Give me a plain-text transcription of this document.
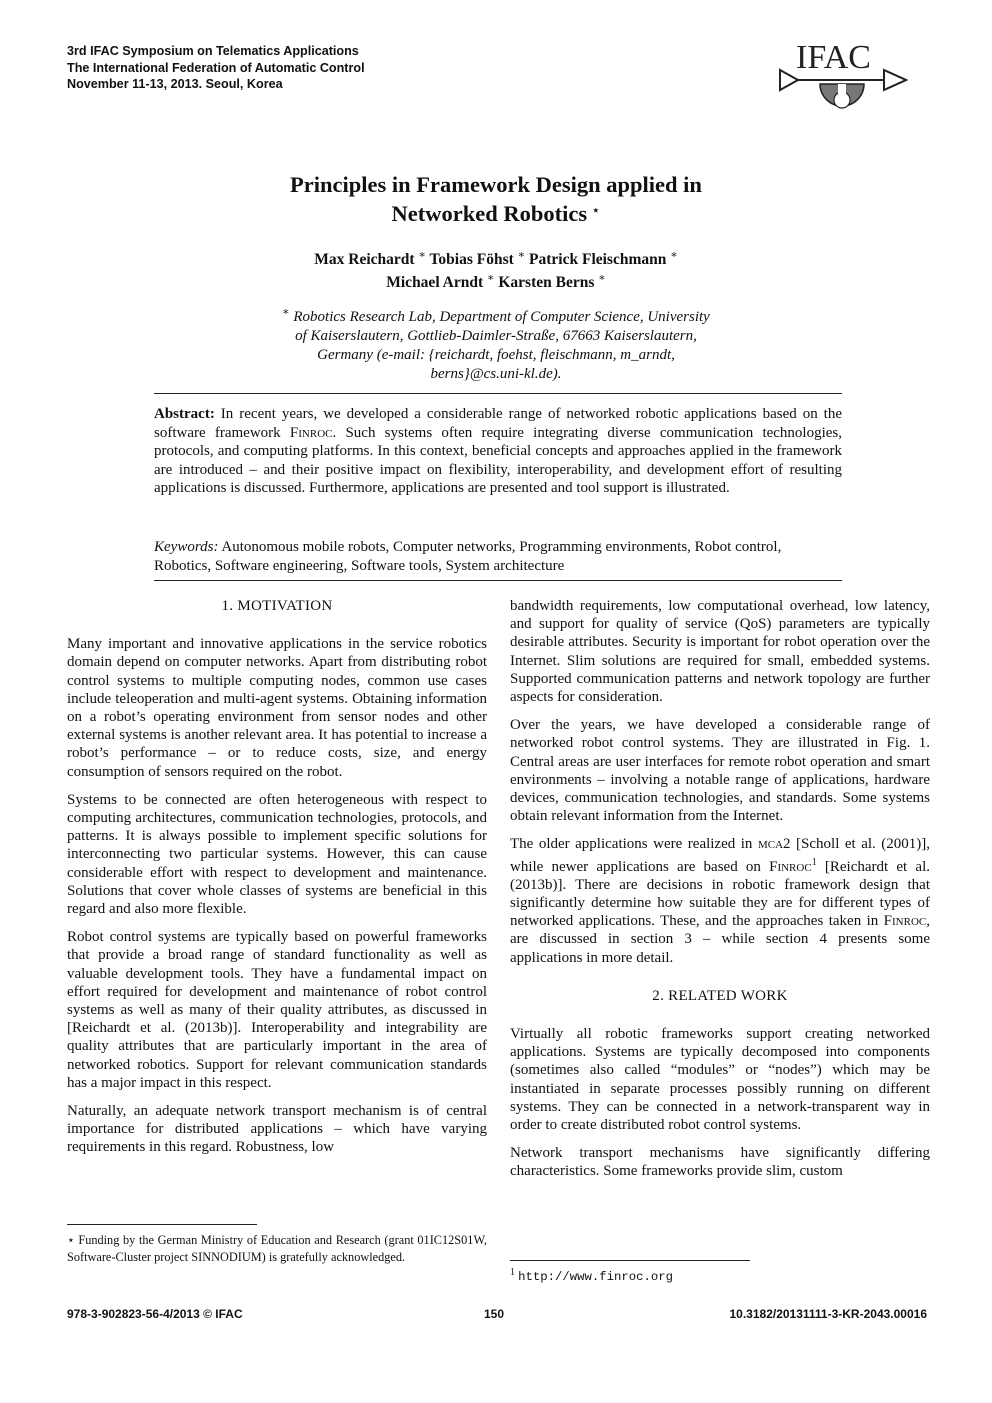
3rd IFAC Symposium on Telematics Applications
The International Federation of Automatic Control
November 11-13, 2013. Seoul, Korea
IFAC
Principles in Framework Design applied in
Networked Robotics ⋆
Max Reichardt ∗ Tobias Föhst ∗ Patrick Fleischmann ∗
Michael Arndt ∗ Karsten Berns ∗
∗ Robotics Research Lab, Department of Computer Science, University
of Kaiserslautern, Gottlieb-Daimler-Straße, 67663 Kaiserslautern,
Germany (e-mail: {reichardt, foehst, fleischmann, m_arndt,
berns}@cs.uni-kl.de).
Abstract: In recent years, we developed a considerable range of networked robotic applications based on the software framework Finroc. Such systems often require integrating diverse communication technologies, protocols, and computing platforms. In this context, beneficial concepts and approaches applied in the framework are introduced – and their positive impact on flexibility, interoperability, and development effort of resulting applications is discussed. Furthermore, applications are presented and tool support is illustrated.
Keywords: Autonomous mobile robots, Computer networks, Programming environments, Robot control, Robotics, Software engineering, Software tools, System architecture
1. MOTIVATION

Many important and innovative applications in the service robotics domain depend on computer networks. Apart from distributing robot control systems to multiple computing nodes, common use cases include teleoperation and multi-agent systems. Obtaining information on a robot’s operating environment from sensor nodes and other external systems is another relevant area. It has potential to increase a robot’s performance – or to reduce costs, size, and energy consumption of sensors required on the robot.

Systems to be connected are often heterogeneous with respect to computing architectures, communication technologies, protocols, and patterns. It is always possible to implement specific solutions for interconnecting two particular systems. However, this can cause considerable effort with respect to development and maintenance. Solutions that cover whole classes of systems are beneficial in this regard and also more flexible.

Robot control systems are typically based on powerful frameworks that provide a broad range of standard functionality as well as valuable development tools. They have a fundamental impact on effort required for development and maintenance of robot control systems as well as many of their quality attributes, as discussed in [Reichardt et al. (2013b)]. Interoperability and integrability are quality attributes that are particularly important in the area of networked robotics. Support for relevant communication standards has a major impact in this respect.

Naturally, an adequate network transport mechanism is of central importance for distributed applications – which have varying requirements in this regard. Robustness, low

⋆ Funding by the German Ministry of Education and Research (grant 01IC12S01W, Software-Cluster project SINNODIUM) is gratefully acknowledged.

bandwidth requirements, low computational overhead, low latency, and support for quality of service (QoS) parameters are typically desirable attributes. Security is important for robot operation over the Internet. Slim solutions are required for small, embedded systems. Supported communication patterns and network topology are further aspects for consideration.

Over the years, we have developed a considerable range of networked robot control systems. They are illustrated in Fig. 1. Central areas are user interfaces for remote robot operation and smart environments – involving a notable range of applications, hardware devices, communication technologies, and standards. Some systems obtain relevant information from the Internet.

The older applications were realized in mca2 [Scholl et al. (2001)], while newer applications are based on Finroc$^1$ [Reichardt et al. (2013b)]. There are decisions in robotic framework design that significantly determine how suitable they are for different types of networked applications. These, and the approaches taken in Finroc, are discussed in section 3 – while section 4 presents some applications in more detail.

2. RELATED WORK

Virtually all robotic frameworks support creating networked applications. Systems are typically decomposed into components (sometimes also called “modules” or “nodes”) which may be instantiated in separate processes possibly running on different systems. They can be connected in a network-transparent way in order to create distributed robot control systems.

Network transport mechanisms have significantly differing characteristics. Some frameworks provide slim, custom

$^1$ http://www.finroc.org
978-3-902823-56-4/2013 © IFAC	150	10.3182/20131111-3-KR-2043.00016
